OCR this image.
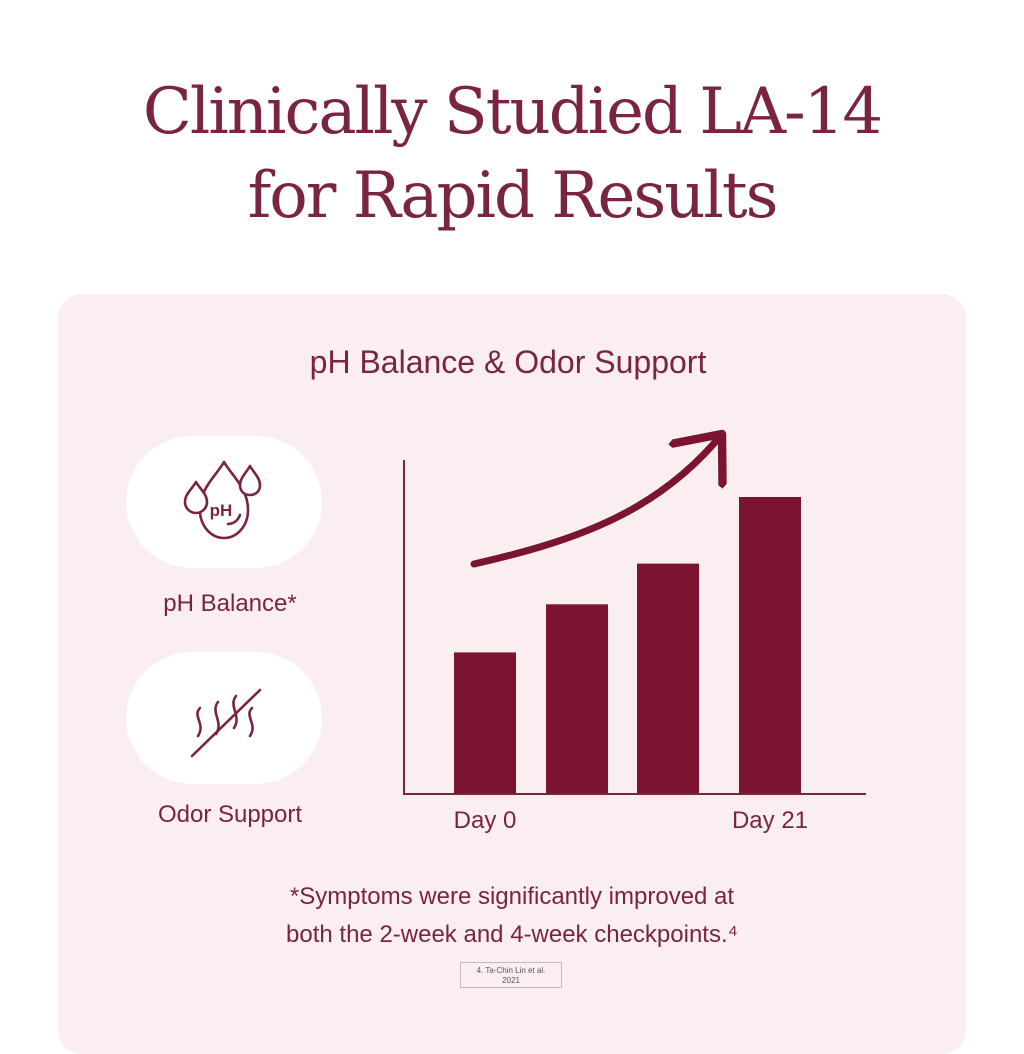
Clinically Studied LA-14
for Rapid Results
pH Balance & Odor Support
pH
pH Balance*
Odor Support	Day 0	Day 21
*Symptoms were significantly improved at
both the 2-week and 4-week checkpoints.⁴
4. Ta-Chin Lin et al.
2021
